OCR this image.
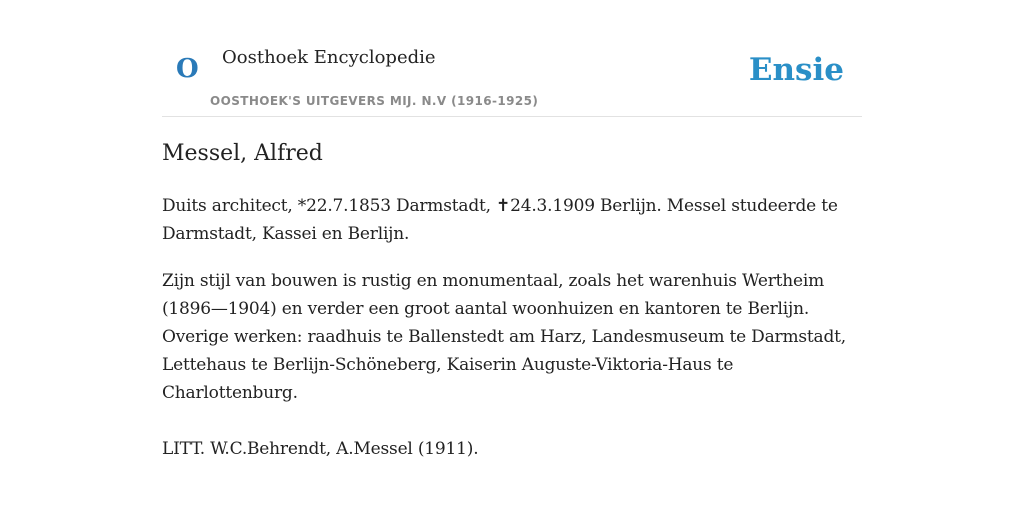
O Oosthoek Encyclopedie
OOSTHOEK'S UITGEVERS MIJ. N.V (1916-1925)
Ensie
Messel, Alfred

Duits architect, *22.7.1853 Darmstadt, ✝24.3.1909 Berlijn. Messel studeerde te Darmstadt, Kassei en Berlijn.

Zijn stijl van bouwen is rustig en monumentaal, zoals het warenhuis Wertheim (1896—1904) en verder een groot aantal woonhuizen en kantoren te Berlijn. Overige werken: raadhuis te Ballenstedt am Harz, Landesmuseum te Darmstadt, Lettehaus te Berlijn-Schöneberg, Kaiserin Auguste-Viktoria-Haus te Charlottenburg.

LITT. W.C.Behrendt, A.Messel (1911).
